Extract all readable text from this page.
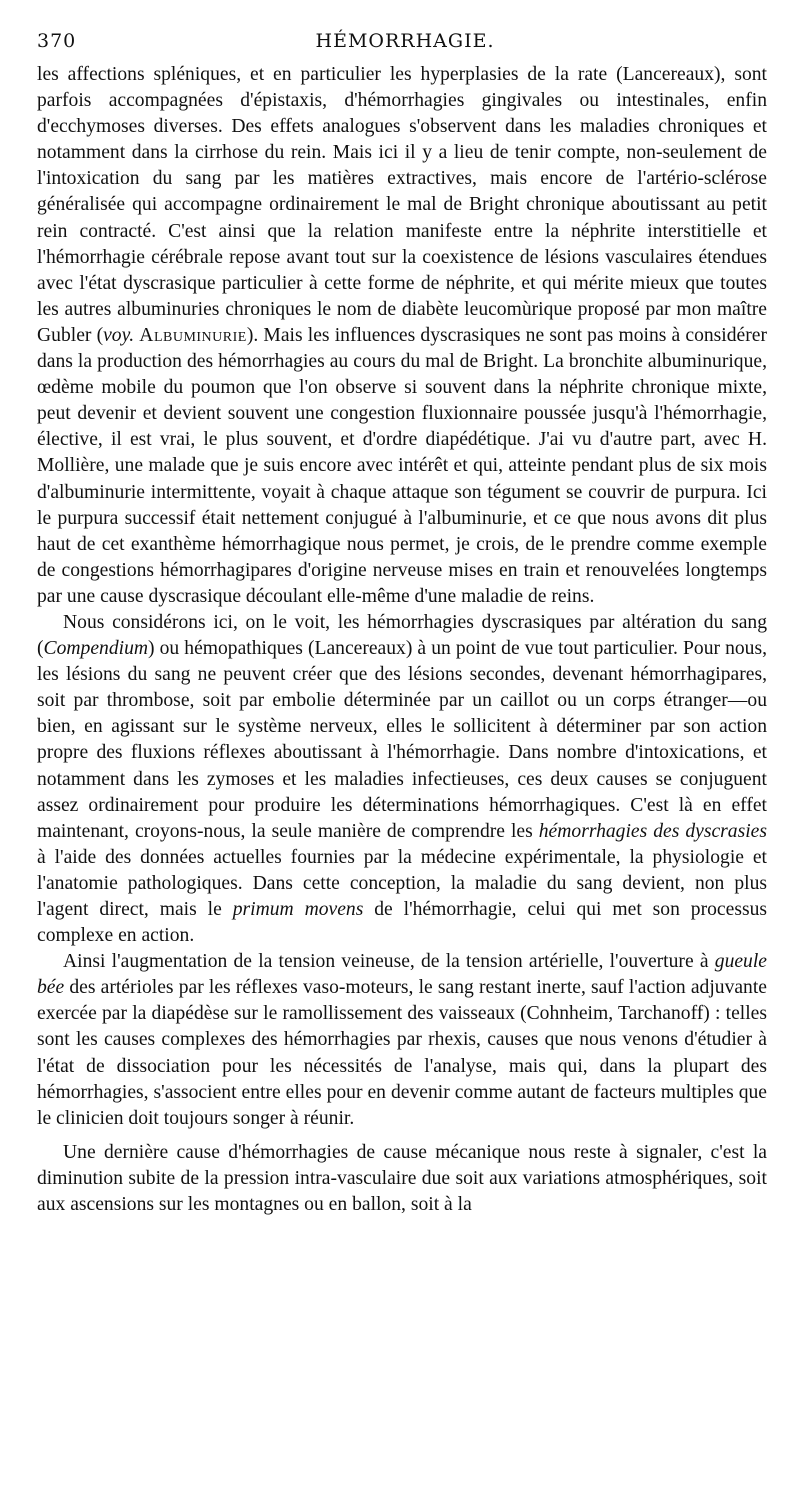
370	HÉMORRHAGIE.

les affections spléniques, et en particulier les hyperplasies de la rate (Lancereaux), sont parfois accompagnées d'épistaxis, d'hémorrhagies gingivales ou intestinales, enfin d'ecchymoses diverses. Des effets analogues s'observent dans les maladies chroniques et notamment dans la cirrhose du rein. Mais ici il y a lieu de tenir compte, non-seulement de l'intoxication du sang par les matières extractives, mais encore de l'artério-sclérose généralisée qui accompagne ordinairement le mal de Bright chronique aboutissant au petit rein contracté. C'est ainsi que la relation manifeste entre la néphrite interstitielle et l'hémorrhagie cérébrale repose avant tout sur la coexistence de lésions vasculaires étendues avec l'état dyscrasique particulier à cette forme de néphrite, et qui mérite mieux que toutes les autres albuminuries chroniques le nom de diabète leucomùrique proposé par mon maître Gubler (voy. Albuminurie). Mais les influences dyscrasiques ne sont pas moins à considérer dans la production des hémorrhagies au cours du mal de Bright. La bronchite albuminurique, œdème mobile du poumon que l'on observe si souvent dans la néphrite chronique mixte, peut devenir et devient souvent une congestion fluxionnaire poussée jusqu'à l'hémorrhagie, élective, il est vrai, le plus souvent, et d'ordre diapédétique. J'ai vu d'autre part, avec H. Mollière, une malade que je suis encore avec intérêt et qui, atteinte pendant plus de six mois d'albuminurie intermittente, voyait à chaque attaque son tégument se couvrir de purpura. Ici le purpura successif était nettement conjugué à l'albuminurie, et ce que nous avons dit plus haut de cet exanthème hémorrhagique nous permet, je crois, de le prendre comme exemple de congestions hémorrhagipares d'origine nerveuse mises en train et renouvelées longtemps par une cause dyscrasique découlant elle-même d'une maladie de reins.

Nous considérons ici, on le voit, les hémorrhagies dyscrasiques par altération du sang (Compendium) ou hémopathiques (Lancereaux) à un point de vue tout particulier. Pour nous, les lésions du sang ne peuvent créer que des lésions secondes, devenant hémorrhagipares, soit par thrombose, soit par embolie déterminée par un caillot ou un corps étranger—ou bien, en agissant sur le système nerveux, elles le sollicitent à déterminer par son action propre des fluxions réflexes aboutissant à l'hémorrhagie. Dans nombre d'intoxications, et notamment dans les zymoses et les maladies infectieuses, ces deux causes se conjuguent assez ordinairement pour produire les déterminations hémorrhagiques. C'est là en effet maintenant, croyons-nous, la seule manière de comprendre les hémorrhagies des dyscrasies à l'aide des données actuelles fournies par la médecine expérimentale, la physiologie et l'anatomie pathologiques. Dans cette conception, la maladie du sang devient, non plus l'agent direct, mais le primum movens de l'hémorrhagie, celui qui met son processus complexe en action.

Ainsi l'augmentation de la tension veineuse, de la tension artérielle, l'ouverture à gueule bée des artérioles par les réflexes vaso-moteurs, le sang restant inerte, sauf l'action adjuvante exercée par la diapédèse sur le ramollissement des vaisseaux (Cohnheim, Tarchanoff) : telles sont les causes complexes des hémorrhagies par rhexis, causes que nous venons d'étudier à l'état de dissociation pour les nécessités de l'analyse, mais qui, dans la plupart des hémorrhagies, s'associent entre elles pour en devenir comme autant de facteurs multiples que le clinicien doit toujours songer à réunir.

Une dernière cause d'hémorrhagies de cause mécanique nous reste à signaler, c'est la diminution subite de la pression intra-vasculaire due soit aux variations atmosphériques, soit aux ascensions sur les montagnes ou en ballon, soit à la
